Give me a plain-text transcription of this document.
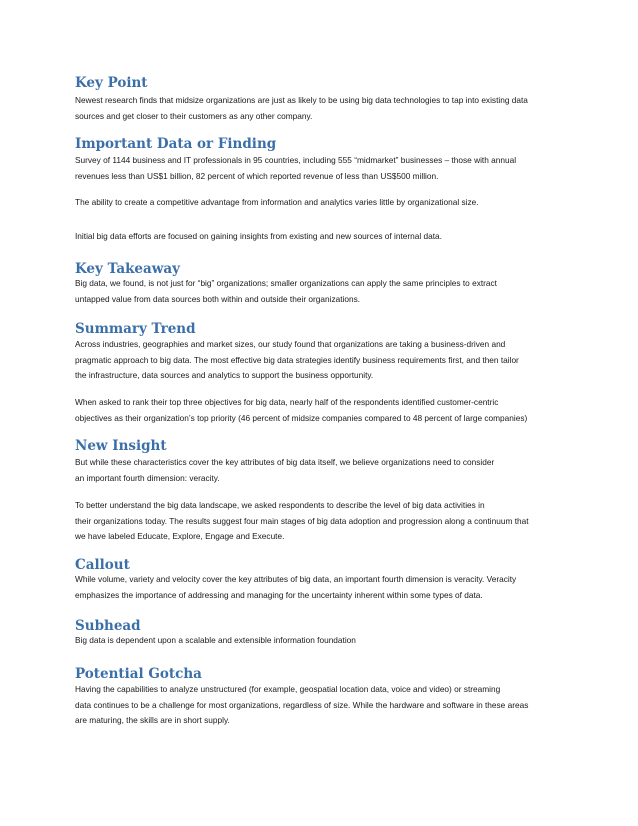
Key Point

Newest research finds that midsize organizations are just as likely to be using big data technologies to tap into existing data
sources and get closer to their customers as any other company.

Important Data or Finding

Survey of 1144 business and IT professionals in 95 countries, including 555 “midmarket” businesses – those with annual
revenues less than US$1 billion, 82 percent of which reported revenue of less than US$500 million.

The ability to create a competitive advantage from information and analytics varies little by organizational size.

Initial big data efforts are focused on gaining insights from existing and new sources of internal data.

Key Takeaway

Big data, we found, is not just for “big” organizations; smaller organizations can apply the same principles to extract
untapped value from data sources both within and outside their organizations.

Summary Trend

Across industries, geographies and market sizes, our study found that organizations are taking a business-driven and
pragmatic approach to big data. The most effective big data strategies identify business requirements first, and then tailor
the infrastructure, data sources and analytics to support the business opportunity.

When asked to rank their top three objectives for big data, nearly half of the respondents identified customer-centric
objectives as their organization’s top priority (46 percent of midsize companies compared to 48 percent of large companies)

New Insight

But while these characteristics cover the key attributes of big data itself, we believe organizations need to consider
an important fourth dimension: veracity.

To better understand the big data landscape, we asked respondents to describe the level of big data activities in
their organizations today. The results suggest four main stages of big data adoption and progression along a continuum that
we have labeled Educate, Explore, Engage and Execute.

Callout

While volume, variety and velocity cover the key attributes of big data, an important fourth dimension is veracity. Veracity
emphasizes the importance of addressing and managing for the uncertainty inherent within some types of data.

Subhead

Big data is dependent upon a scalable and extensible information foundation

Potential Gotcha

Having the capabilities to analyze unstructured (for example, geospatial location data, voice and video) or streaming
data continues to be a challenge for most organizations, regardless of size. While the hardware and software in these areas
are maturing, the skills are in short supply.
